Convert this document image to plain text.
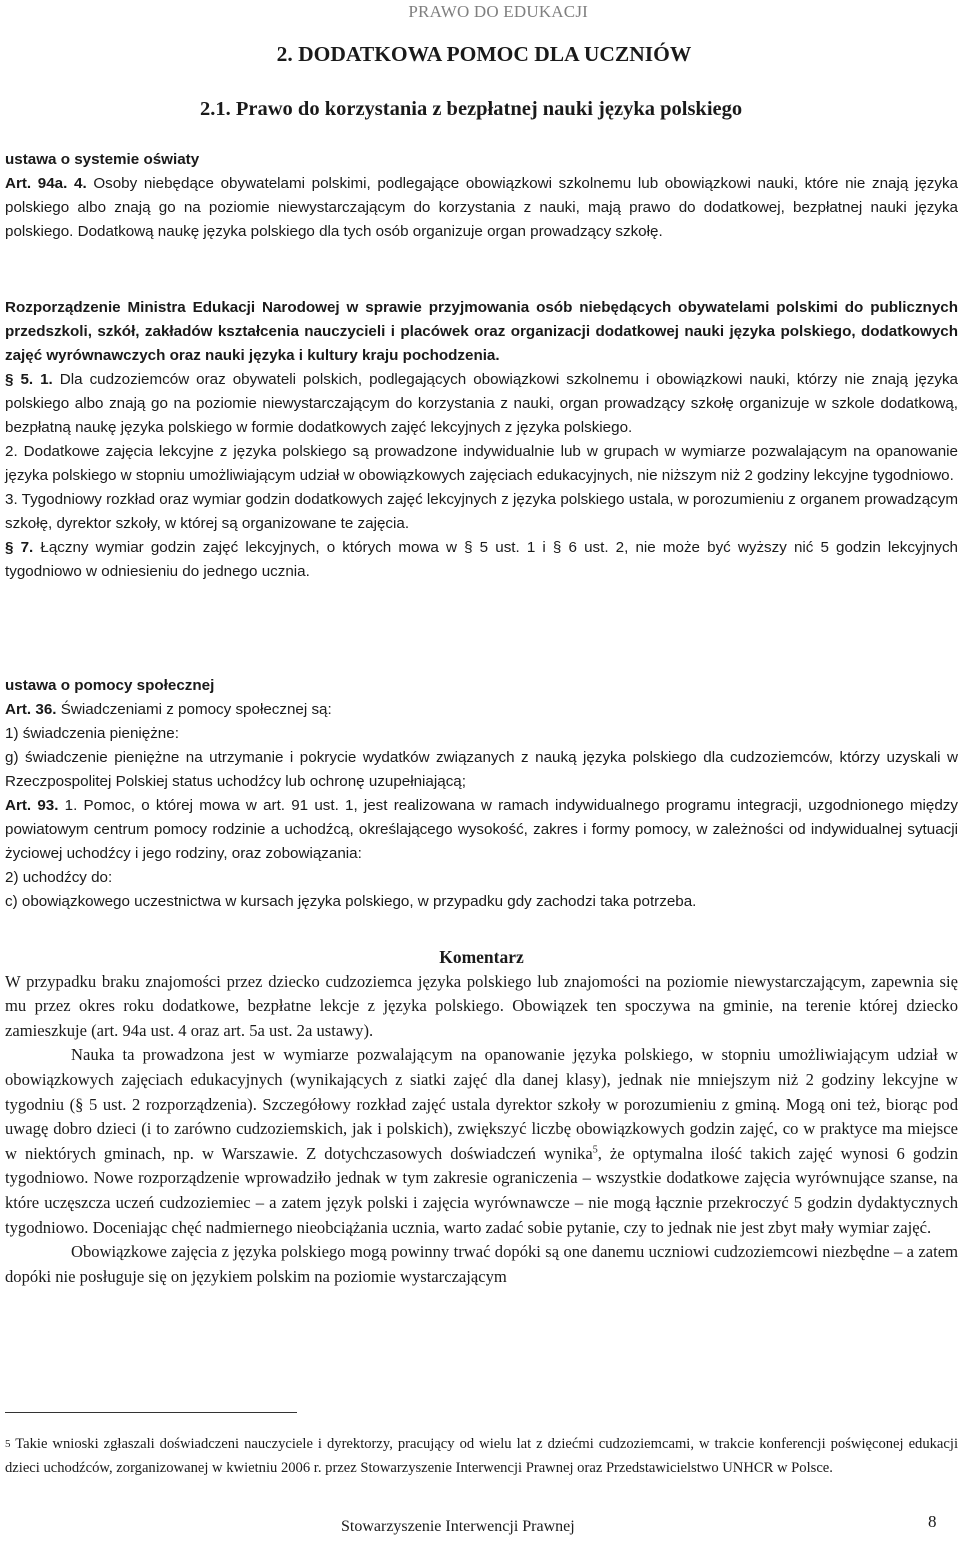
PRAWO DO EDUKACJI
2. DODATKOWA POMOC DLA UCZNIÓW
2.1. Prawo do korzystania z bezpłatnej nauki języka polskiego

ustawa o systemie oświaty

Art. 94a. 4. Osoby niebędące obywatelami polskimi, podlegające obowiązkowi szkolnemu lub obowiązkowi nauki, które nie znają języka polskiego albo znają go na poziomie niewystarczającym do korzystania z nauki, mają prawo do dodatkowej, bezpłatnej nauki języka polskiego. Dodatkową naukę języka polskiego dla tych osób organizuje organ prowadzący szkołę.

Rozporządzenie Ministra Edukacji Narodowej w sprawie przyjmowania osób niebędących obywatelami polskimi do publicznych przedszkoli, szkół, zakładów kształcenia nauczycieli i placówek oraz organizacji dodatkowej nauki języka polskiego, dodatkowych zajęć wyrównawczych oraz nauki języka i kultury kraju pochodzenia.

§ 5. 1. Dla cudzoziemców oraz obywateli polskich, podlegających obowiązkowi szkolnemu i obowiązkowi nauki, którzy nie znają języka polskiego albo znają go na poziomie niewystarczającym do korzystania z nauki, organ prowadzący szkołę organizuje w szkole dodatkową, bezpłatną naukę języka polskiego w formie dodatkowych zajęć lekcyjnych z języka polskiego.

2. Dodatkowe zajęcia lekcyjne z języka polskiego są prowadzone indywidualnie lub w grupach w wymiarze pozwalającym na opanowanie języka polskiego w stopniu umożliwiającym udział w obowiązkowych zajęciach edukacyjnych, nie niższym niż 2 godziny lekcyjne tygodniowo.

3. Tygodniowy rozkład oraz wymiar godzin dodatkowych zajęć lekcyjnych z języka polskiego ustala, w porozumieniu z organem prowadzącym szkołę, dyrektor szkoły, w której są organizowane te zajęcia.

§ 7. Łączny wymiar godzin zajęć lekcyjnych, o których mowa w § 5 ust. 1 i § 6 ust. 2, nie może być wyższy nić 5 godzin lekcyjnych tygodniowo w odniesieniu do jednego ucznia.

ustawa o pomocy społecznej

Art. 36. Świadczeniami z pomocy społecznej są:

1) świadczenia pieniężne:

g) świadczenie pieniężne na utrzymanie i pokrycie wydatków związanych z nauką języka polskiego dla cudzoziemców, którzy uzyskali w Rzeczpospolitej Polskiej status uchodźcy lub ochronę uzupełniającą;

Art. 93. 1. Pomoc, o której mowa w art. 91 ust. 1, jest realizowana w ramach indywidualnego programu integracji, uzgodnionego między powiatowym centrum pomocy rodzinie a uchodźcą, określającego wysokość, zakres i formy pomocy, w zależności od indywidualnej sytuacji życiowej uchodźcy i jego rodziny, oraz zobowiązania:

2) uchodźcy do:

c) obowiązkowego uczestnictwa w kursach języka polskiego, w przypadku gdy zachodzi taka potrzeba.

Komentarz

W przypadku braku znajomości przez dziecko cudzoziemca języka polskiego lub znajomości na poziomie niewystarczającym, zapewnia się mu przez okres roku dodatkowe, bezpłatne lekcje z języka polskiego. Obowiązek ten spoczywa na gminie, na terenie której dziecko zamieszkuje (art. 94a ust. 4 oraz art. 5a ust. 2a ustawy).

Nauka ta prowadzona jest w wymiarze pozwalającym na opanowanie języka polskiego, w stopniu umożliwiającym udział w obowiązkowych zajęciach edukacyjnych (wynikających z siatki zajęć dla danej klasy), jednak nie mniejszym niż 2 godziny lekcyjne w tygodniu (§ 5 ust. 2 rozporządzenia). Szczegółowy rozkład zajęć ustala dyrektor szkoły w porozumieniu z gminą. Mogą oni też, biorąc pod uwagę dobro dzieci (i to zarówno cudzoziemskich, jak i polskich), zwiększyć liczbę obowiązkowych godzin zajęć, co w praktyce ma miejsce w niektórych gminach, np. w Warszawie. Z dotychczasowych doświadczeń wynika$^5$, że optymalna ilość takich zajęć wynosi 6 godzin tygodniowo. Nowe rozporządzenie wprowadziło jednak w tym zakresie ograniczenia – wszystkie dodatkowe zajęcia wyrównujące szanse, na które uczęszcza uczeń cudzoziemiec – a zatem język polski i zajęcia wyrównawcze – nie mogą łącznie przekroczyć 5 godzin dydaktycznych tygodniowo. Doceniając chęć nadmiernego nieobciążania ucznia, warto zadać sobie pytanie, czy to jednak nie jest zbyt mały wymiar zajęć.

Obowiązkowe zajęcia z języka polskiego mogą powinny trwać dopóki są one danemu uczniowi cudzoziemcowi niezbędne – a zatem dopóki nie posługuje się on językiem polskim na poziomie wystarczającym

$^5$ Takie wnioski zgłaszali doświadczeni nauczyciele i dyrektorzy, pracujący od wielu lat z dziećmi cudzoziemcami, w trakcie konferencji poświęconej edukacji dzieci uchodźców, zorganizowanej w kwietniu 2006 r. przez Stowarzyszenie Interwencji Prawnej oraz Przedstawicielstwo UNHCR w Polsce.
Stowarzyszenie Interwencji Prawnej	8
